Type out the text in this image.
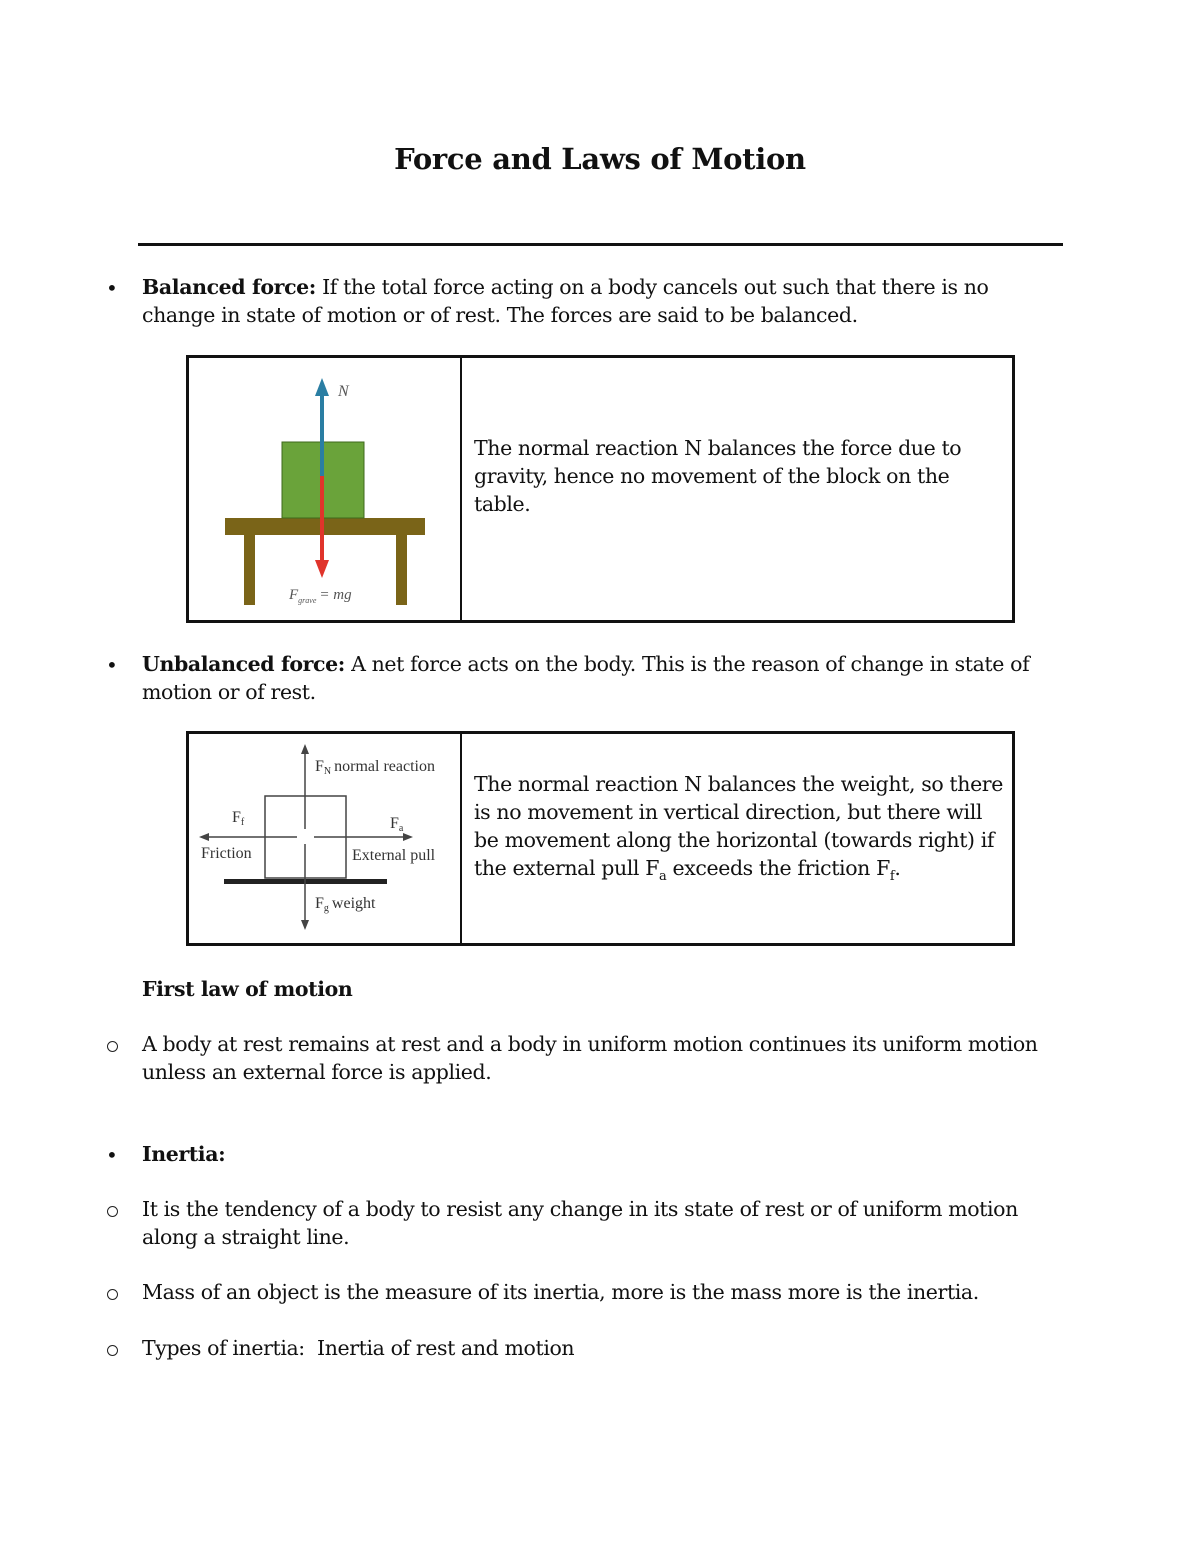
Force and Laws of Motion
• Balanced force: If the total force acting on a body cancels out such that there is no change in state of motion or of rest. The forces are said to be balanced.
N
$F_{grave}$ = mg
The normal reaction N balances the force due to gravity, hence no movement of the block on the table.
• Unbalanced force: A net force acts on the body. This is the reason of change in state of motion or of rest.
FN normal reaction
Ff
Friction
Fa
External pull
Fg weight
The normal reaction N balances the weight, so there is no movement in vertical direction, but there will be movement along the horizontal (towards right) if the external pull $F_a$ exceeds the friction $F_f$.
First law of motion
A body at rest remains at rest and a body in uniform motion continues its uniform motion unless an external force is applied.
• Inertia:
It is the tendency of a body to resist any change in its state of rest or of uniform motion along a straight line.
Mass of an object is the measure of its inertia, more is the mass more is the inertia.
Types of inertia:  Inertia of rest and motion
